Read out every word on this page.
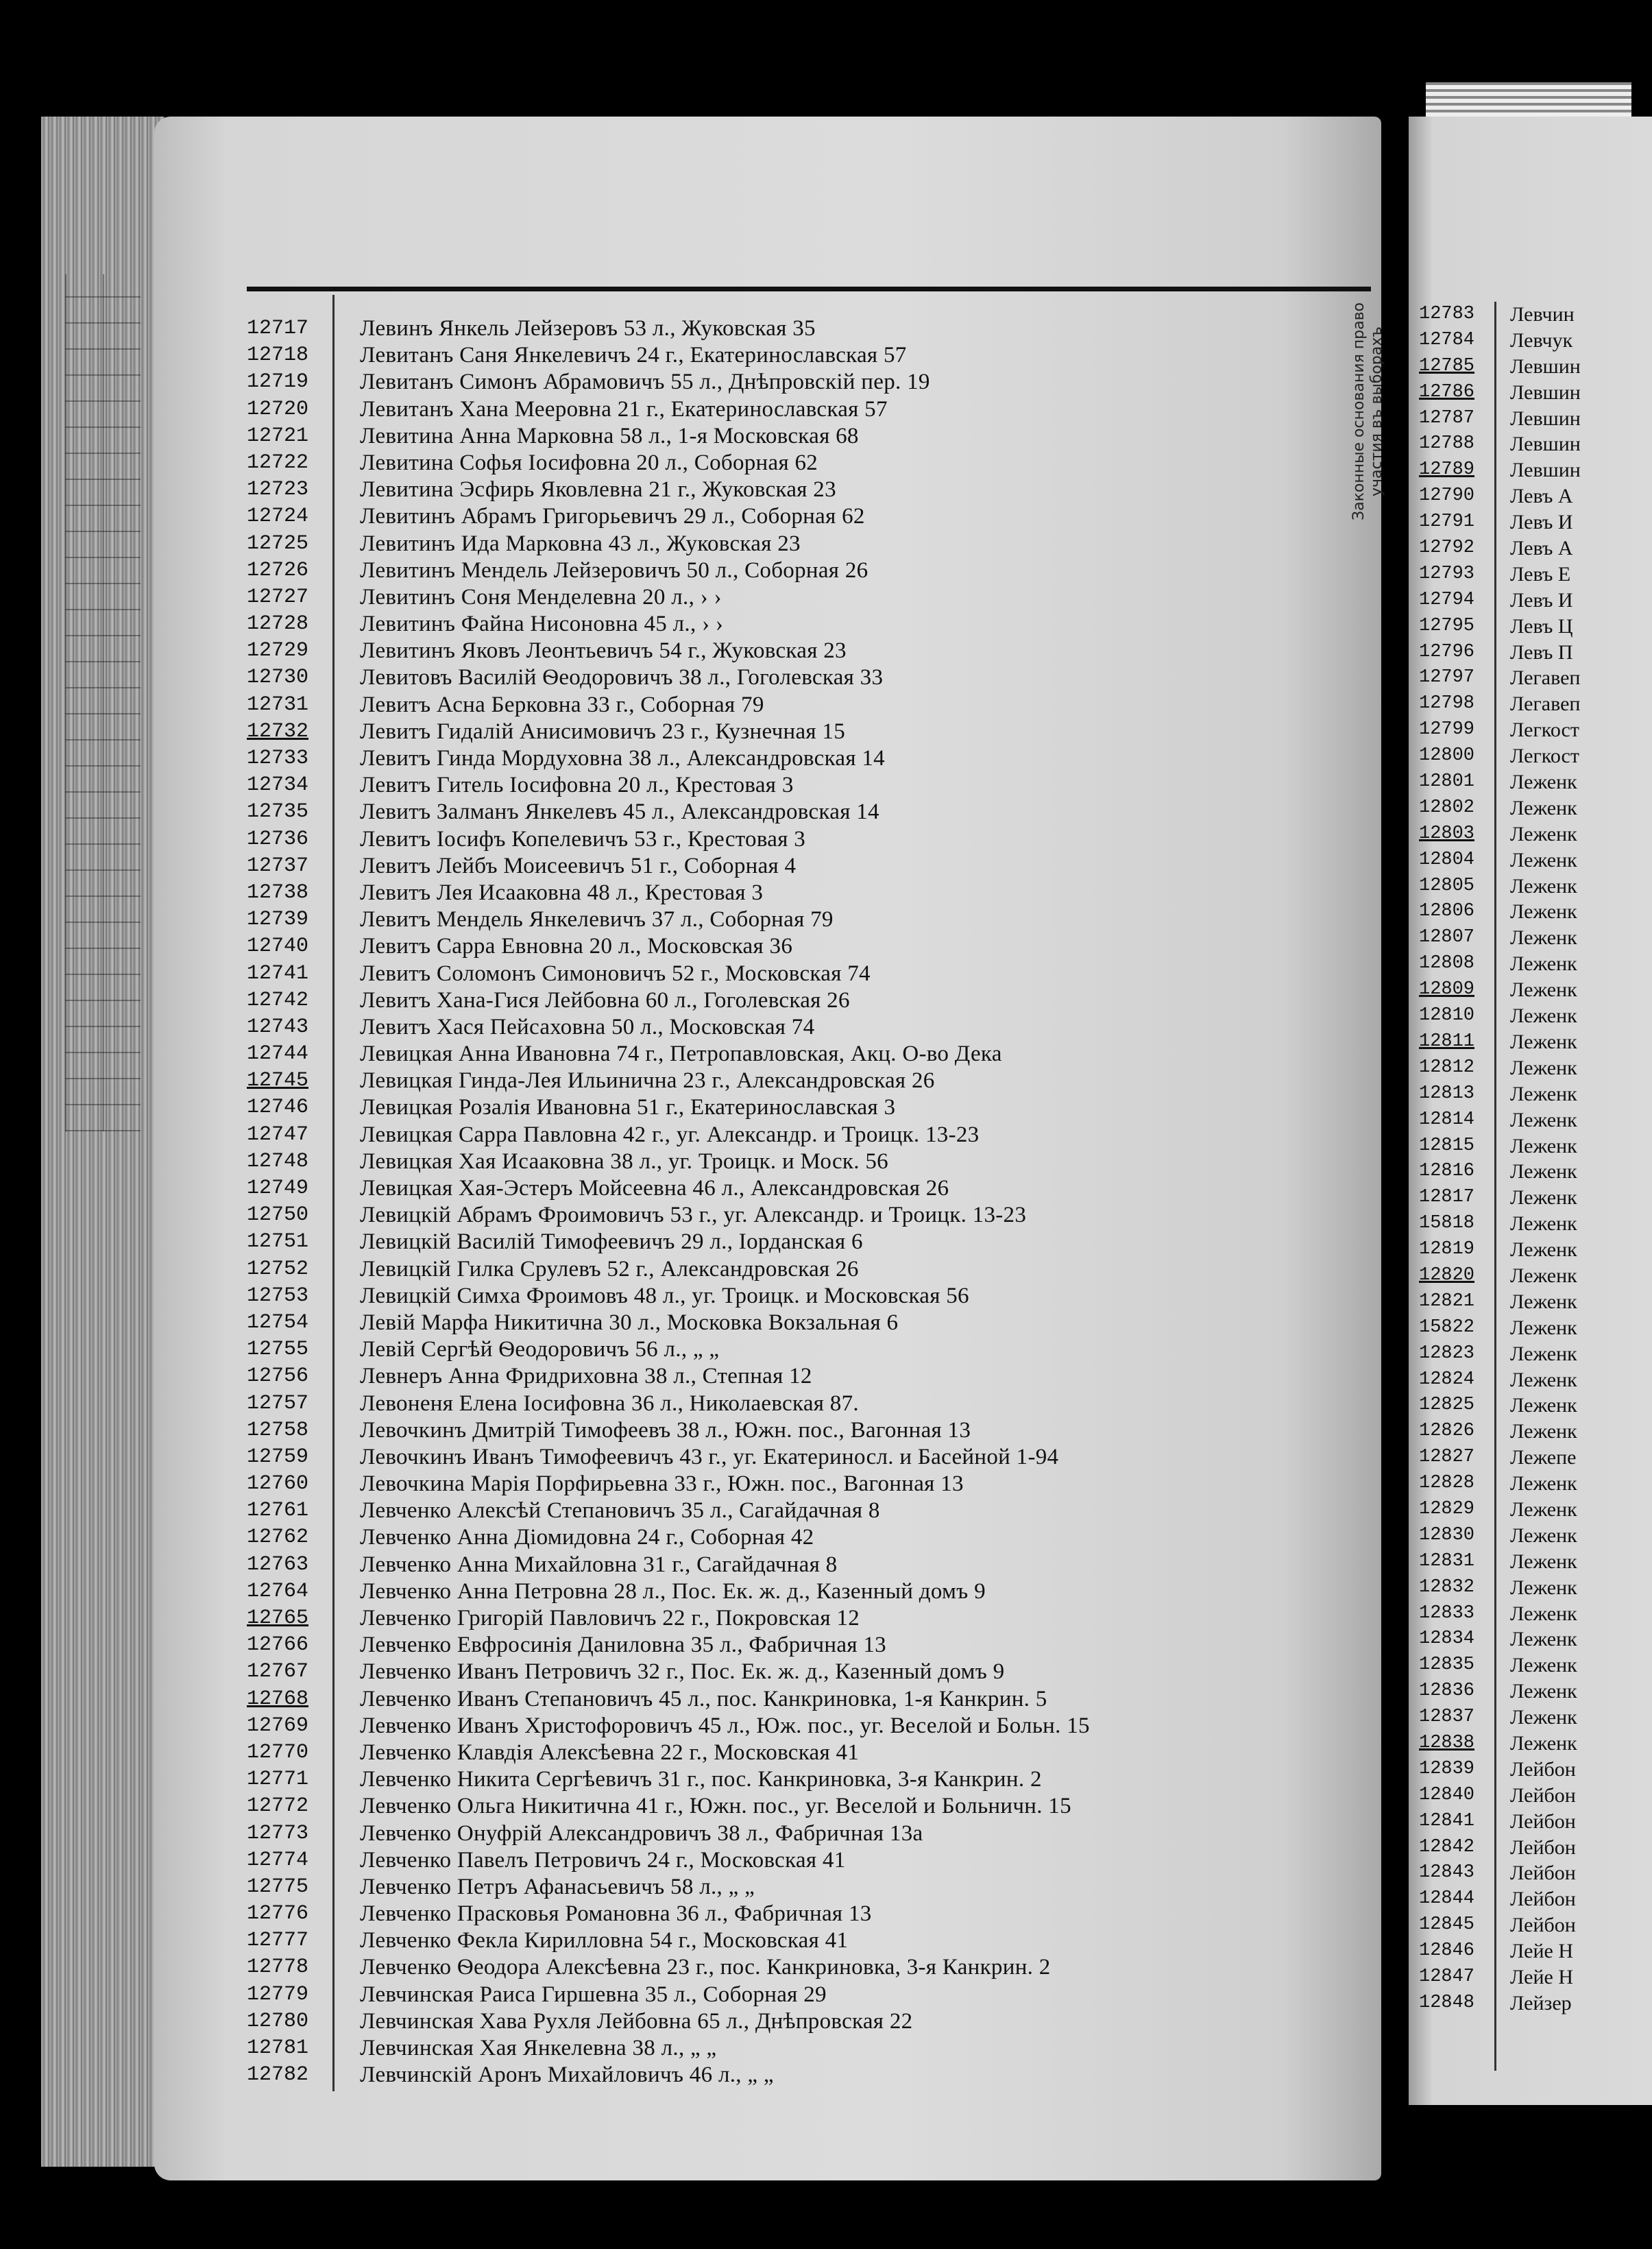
Законные основания право участия въ выборахъ
12717	Левинъ Янкель Лейзеровъ 53 л., Жуковская 35
12718	Левитанъ Саня Янкелевичъ 24 г., Екатеринославская 57
12719	Левитанъ Симонъ Абрамовичъ 55 л., Днѣпровскій пер. 19
12720	Левитанъ Хана Мееровна 21 г., Екатеринославская 57
12721	Левитина Анна Марковна 58 л., 1-я Московская 68
12722	Левитина Софья Іосифовна 20 л., Соборная 62
12723	Левитина Эсфирь Яковлевна 21 г., Жуковская 23
12724	Левитинъ Абрамъ Григорьевичъ 29 л., Соборная 62
12725	Левитинъ Ида Марковна 43 л., Жуковская 23
12726	Левитинъ Мендель Лейзеровичъ 50 л., Соборная 26
12727	Левитинъ Соня Менделевна 20 л., › ›
12728	Левитинъ Файна Нисоновна 45 л., › ›
12729	Левитинъ Яковъ Леонтьевичъ 54 г., Жуковская 23
12730	Левитовъ Василій Ѳеодоровичъ 38 л., Гоголевская 33
12731	Левитъ Асна Берковна 33 г., Соборная 79
12732	Левитъ Гидалій Анисимовичъ 23 г., Кузнечная 15
12733	Левитъ Гинда Мордуховна 38 л., Александровская 14
12734	Левитъ Гитель Іосифовна 20 л., Крестовая 3
12735	Левитъ Залманъ Янкелевъ 45 л., Александровская 14
12736	Левитъ Іосифъ Копелевичъ 53 г., Крестовая 3
12737	Левитъ Лейбъ Моисеевичъ 51 г., Соборная 4
12738	Левитъ Лея Исааковна 48 л., Крестовая 3
12739	Левитъ Мендель Янкелевичъ 37 л., Соборная 79
12740	Левитъ Сарра Евновна 20 л., Московская 36
12741	Левитъ Соломонъ Симоновичъ 52 г., Московская 74
12742	Левитъ Хана-Гися Лейбовна 60 л., Гоголевская 26
12743	Левитъ Хася Пейсаховна 50 л., Московская 74
12744	Левицкая Анна Ивановна 74 г., Петропавловская, Акц. О-во Дека
12745	Левицкая Гинда-Лея Ильинична 23 г., Александровская 26
12746	Левицкая Розалія Ивановна 51 г., Екатеринославская 3
12747	Левицкая Сарра Павловна 42 г., уг. Александр. и Троицк. 13-23
12748	Левицкая Хая Исааковна 38 л., уг. Троицк. и Моск. 56
12749	Левицкая Хая-Эстеръ Мойсеевна 46 л., Александровская 26
12750	Левицкій Абрамъ Фроимовичъ 53 г., уг. Александр. и Троицк. 13-23
12751	Левицкій Василій Тимофеевичъ 29 л., Іорданская 6
12752	Левицкій Гилка Срулевъ 52 г., Александровская 26
12753	Левицкій Симха Фроимовъ 48 л., уг. Троицк. и Московская 56
12754	Левій Марфа Никитична 30 л., Московка Вокзальная 6
12755	Левій Сергѣй Ѳеодоровичъ 56 л., „ „
12756	Левнеръ Анна Фридриховна 38 л., Степная 12
12757	Левоненя Елена Іосифовна 36 л., Николаевская 87.
12758	Левочкинъ Дмитрій Тимофеевъ 38 л., Южн. пос., Вагонная 13
12759	Левочкинъ Иванъ Тимофеевичъ 43 г., уг. Екатериносл. и Басейной 1-94
12760	Левочкина Марія Порфирьевна 33 г., Южн. пос., Вагонная 13
12761	Левченко Алексѣй Степановичъ 35 л., Сагайдачная 8
12762	Левченко Анна Діомидовна 24 г., Соборная 42
12763	Левченко Анна Михайловна 31 г., Сагайдачная 8
12764	Левченко Анна Петровна 28 л., Пос. Ек. ж. д., Казенный домъ 9
12765	Левченко Григорій Павловичъ 22 г., Покровская 12
12766	Левченко Евфросинія Даниловна 35 л., Фабричная 13
12767	Левченко Иванъ Петровичъ 32 г., Пос. Ек. ж. д., Казенный домъ 9
12768	Левченко Иванъ Степановичъ 45 л., пос. Канкриновка, 1-я Канкрин. 5
12769	Левченко Иванъ Христофоровичъ 45 л., Юж. пос., уг. Веселой и Больн. 15
12770	Левченко Клавдія Алексѣевна 22 г., Московская 41
12771	Левченко Никита Сергѣевичъ 31 г., пос. Канкриновка, 3-я Канкрин. 2
12772	Левченко Ольга Никитична 41 г., Южн. пос., уг. Веселой и Больничн. 15
12773	Левченко Онуфрій Александровичъ 38 л., Фабричная 13а
12774	Левченко Павелъ Петровичъ 24 г., Московская 41
12775	Левченко Петръ Афанасьевичъ 58 л., „ „
12776	Левченко Прасковья Романовна 36 л., Фабричная 13
12777	Левченко Фекла Кирилловна 54 г., Московская 41
12778	Левченко Ѳеодора Алексѣевна 23 г., пос. Канкриновка, 3-я Канкрин. 2
12779	Левчинская Раиса Гиршевна 35 л., Соборная 29
12780	Левчинская Хава Рухля Лейбовна 65 л., Днѣпровская 22
12781	Левчинская Хая Янкелевна 38 л., „ „
12782	Левчинскій Аронъ Михайловичъ 46 л., „ „
12783	Левчин
12784	Левчук
12785	Левшин
12786	Левшин
12787	Левшин
12788	Левшин
12789	Левшин
12790	Левъ А
12791	Левъ И
12792	Левъ А
12793	Левъ Е
12794	Левъ И
12795	Левъ Ц
12796	Левъ П
12797	Легавеп
12798	Легавеп
12799	Легкост
12800	Легкост
12801	Леженк
12802	Леженк
12803	Леженк
12804	Леженк
12805	Леженк
12806	Леженк
12807	Леженк
12808	Леженк
12809	Леженк
12810	Леженк
12811	Леженк
12812	Леженк
12813	Леженк
12814	Леженк
12815	Леженк
12816	Леженк
12817	Леженк
15818	Леженк
12819	Леженк
12820	Леженк
12821	Леженк
15822	Леженк
12823	Леженк
12824	Леженк
12825	Леженк
12826	Леженк
12827	Лежепе
12828	Леженк
12829	Леженк
12830	Леженк
12831	Леженк
12832	Леженк
12833	Леженк
12834	Леженк
12835	Леженк
12836	Леженк
12837	Леженк
12838	Леженк
12839	Лейбон
12840	Лейбон
12841	Лейбон
12842	Лейбон
12843	Лейбон
12844	Лейбон
12845	Лейбон
12846	Лейе Н
12847	Лейе Н
12848	Лейзер
